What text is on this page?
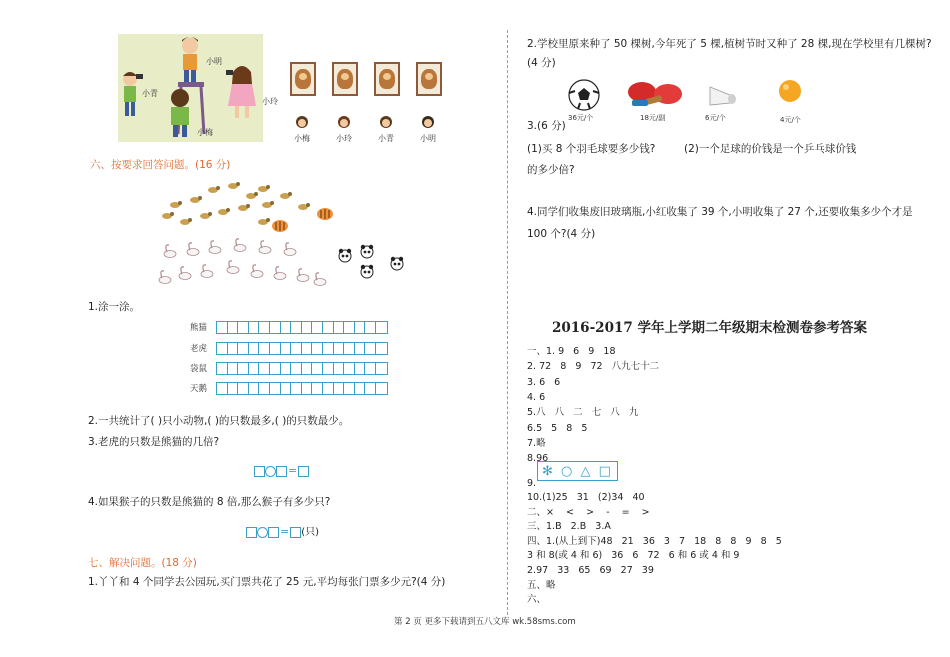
小明
小青
小梅
小玲
小梅	小玲	小青	小明
六、按要求回答问题。(16 分)
1.涂一涂。
熊猫
老虎
袋鼠
天鹅
2.一共统计了( )只小动物,( )的只数最多,( )的只数最少。
3.老虎的只数是熊猫的几倍?
=
4.如果猴子的只数是熊猫的 8 倍,那么猴子有多少只?
= (只)
七、解决问题。(18 分)
1.丫丫和 4 个同学去公园玩,买门票共花了 25 元,平均每张门票多少元?(4 分)
2.学校里原来种了 50 棵树,今年死了 5 棵,植树节时又种了 28 棵,现在学校里有几棵树?
(4 分)
36元/个	18元/副	6元/个	4元/个
3.(6 分)
(1)买 8 个羽毛球要多少钱?	(2)一个足球的价钱是一个乒乓球价钱
的多少倍?
4.同学们收集废旧玻璃瓶,小红收集了 39 个,小明收集了 27 个,还要收集多少个才是
100 个?(4 分)
2016-2017 学年上学期二年级期末检测卷参考答案
一、1. 9   6   9   18
2. 72   8   9   72   八九七十二
3. 6   6
4. 6
5.八   八   二   七   八   九
6.5   5   8   5
7.略
8.96
9.
✻ ○ △ □
10.(1)25   31   (2)34   40
二、×    <    >    -    =    >
三、1.B   2.B   3.A
四、1.(从上到下)48   21   36   3   7   18   8   8   9   8   5
3 和 8(或 4 和 6)   36   6   72   6 和 6 或 4 和 9
2.97   33   65   69   27   39
五、略
六、
第 2 页 更多下载请到五八文库 wk.58sms.com
